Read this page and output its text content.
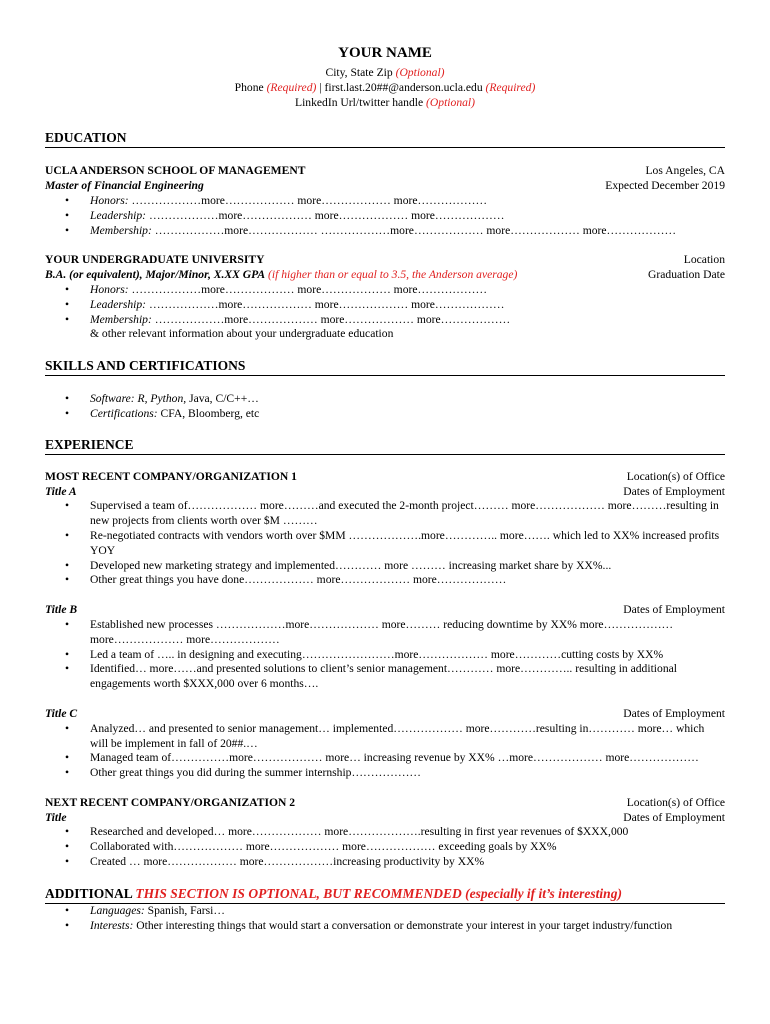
YOUR NAME
City, State Zip (Optional)
Phone (Required) | first.last.20##@anderson.ucla.edu (Required)
LinkedIn Url/twitter handle (Optional)
EDUCATION
UCLA ANDERSON SCHOOL OF MANAGEMENT	Los Angeles, CA
Master of Financial Engineering	Expected December 2019
• Honors: ………………more……………… more……………… more………………
• Leadership: ………………more……………… more……………… more………………
• Membership: ………………more……………… ………………more……………… more……………… more………………
YOUR UNDERGRADUATE UNIVERSITY	Location
B.A. (or equivalent), Major/Minor, X.XX GPA (if higher than or equal to 3.5, the Anderson average)	Graduation Date
• Honors: ………………more……………… more……………… more………………
• Leadership: ………………more……………… more……………… more………………
• Membership: ………………more……………… more……………… more………………
& other relevant information about your undergraduate education
SKILLS AND CERTIFICATIONS
• Software: R, Python, Java, C/C++…
• Certifications: CFA, Bloomberg, etc
EXPERIENCE
MOST RECENT COMPANY/ORGANIZATION 1	Location(s) of Office
Title A	Dates of Employment
• Supervised a team of……………… more………and executed the 2-month project……… more……………… more………resulting in new projects from clients worth over $M ………
• Re-negotiated contracts with vendors worth over $MM ……………….more………….. more……. which led to XX% increased profits YOY
• Developed new marketing strategy and implemented………… more ……… increasing market share by XX%...
• Other great things you have done……………… more……………… more………………
Title B	Dates of Employment
• Established new processes ………………more……………… more……… reducing downtime by XX% more……………… more……………… more………………
• Led a team of ….. in designing and executing……………………more……………… more…………cutting costs by XX%
• Identified… more……and presented solutions to client’s senior management………… more………….. resulting in additional engagements worth $XXX,000 over 6 months….
Title C	Dates of Employment
• Analyzed… and presented to senior management… implemented……………… more…………resulting in………… more… which will be implement in fall of 20##.…
• Managed team of……………more……………… more… increasing revenue by XX% …more……………… more………………
• Other great things you did during the summer internship………………
NEXT RECENT COMPANY/ORGANIZATION 2	Location(s) of Office
Title	Dates of Employment
• Researched and developed… more……………… more……………….resulting in first year revenues of $XXX,000
• Collaborated with……………… more……………… more……………… exceeding goals by XX%
• Created … more……………… more………………increasing productivity by XX%
ADDITIONAL THIS SECTION IS OPTIONAL, BUT RECOMMENDED (especially if it’s interesting)
• Languages: Spanish, Farsi…
• Interests: Other interesting things that would start a conversation or demonstrate your interest in your target industry/function
